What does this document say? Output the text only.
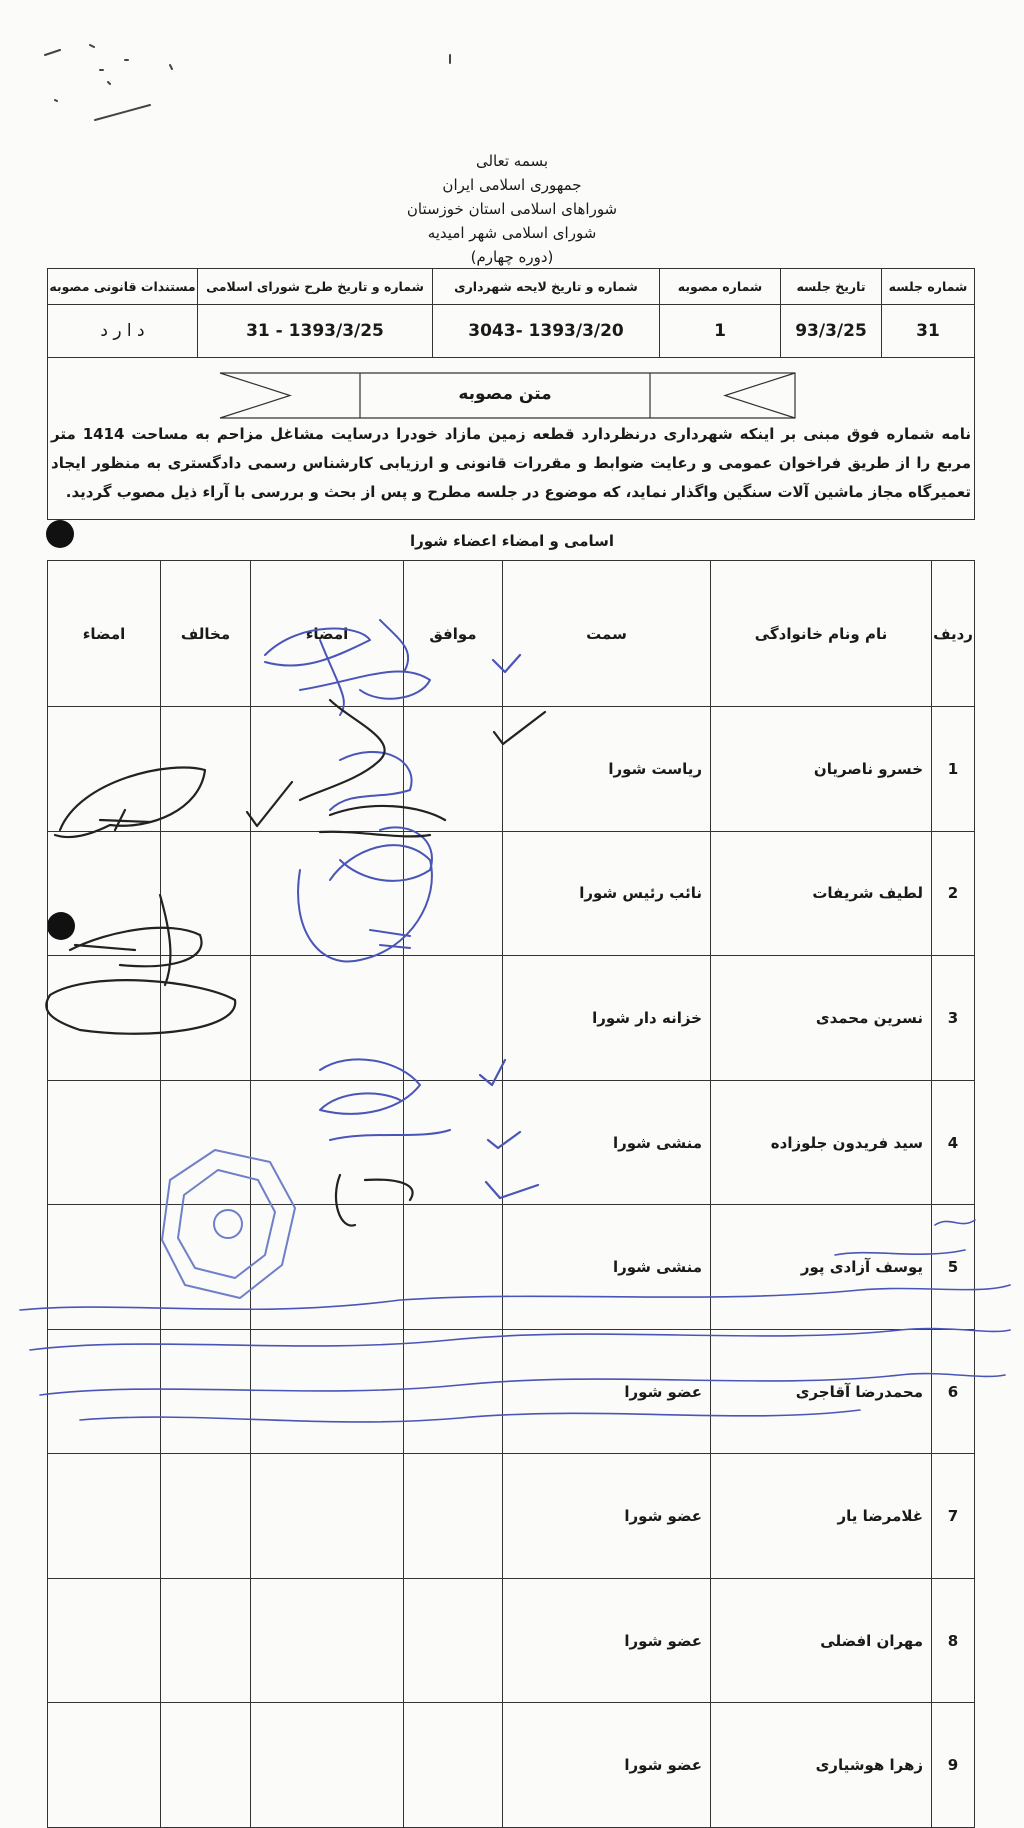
بسمه تعالی
جمهوری اسلامی ایران
شوراهای اسلامی استان خوزستان
شورای اسلامی شهر امیدیه
(دوره چهارم)
شماره جلسه	تاریخ جلسه	شماره مصوبه	شماره و تاریخ لایحه شهرداری	شماره و تاریخ طرح شورای اسلامی	مستندات قانونی مصوبه
31	93/3/25	1	1393/3/20 -3043	1393/3/25 - 31	د ا ر د
متن مصوبه
نامه شماره فوق مبنی بر اینکه شهرداری درنظردارد قطعه زمین مازاد خودرا درسایت مشاغل مزاحم به مساحت 1414 متر مربع را از طریق فراخوان عمومی و رعایت ضوابط و مقررات قانونی و ارزیابی کارشناس رسمی دادگستری به منظور ایجاد تعمیرگاه مجاز ماشین آلات سنگین واگذار نماید، که موضوع در جلسه مطرح و پس از بحث و بررسی با آراء ذیل مصوب گردید.
اسامی و امضاء اعضاء شورا
ردیف	نام ونام خانوادگی	سمت	موافق	امضاء	مخالف	امضاء
1	خسرو ناصریان	ریاست شورا				
2	لطیف شریفات	نائب رئیس شورا				
3	نسرین محمدی	خزانه دار شورا				
4	سید فریدون جلوزاده	منشی شورا				
5	یوسف آزادی پور	منشی شورا				
6	محمدرضا آقاجری	عضو شورا				
7	غلامرضا یار	عضو شورا				
8	مهران افضلی	عضو شورا				
9	زهرا هوشیاری	عضو شورا				
